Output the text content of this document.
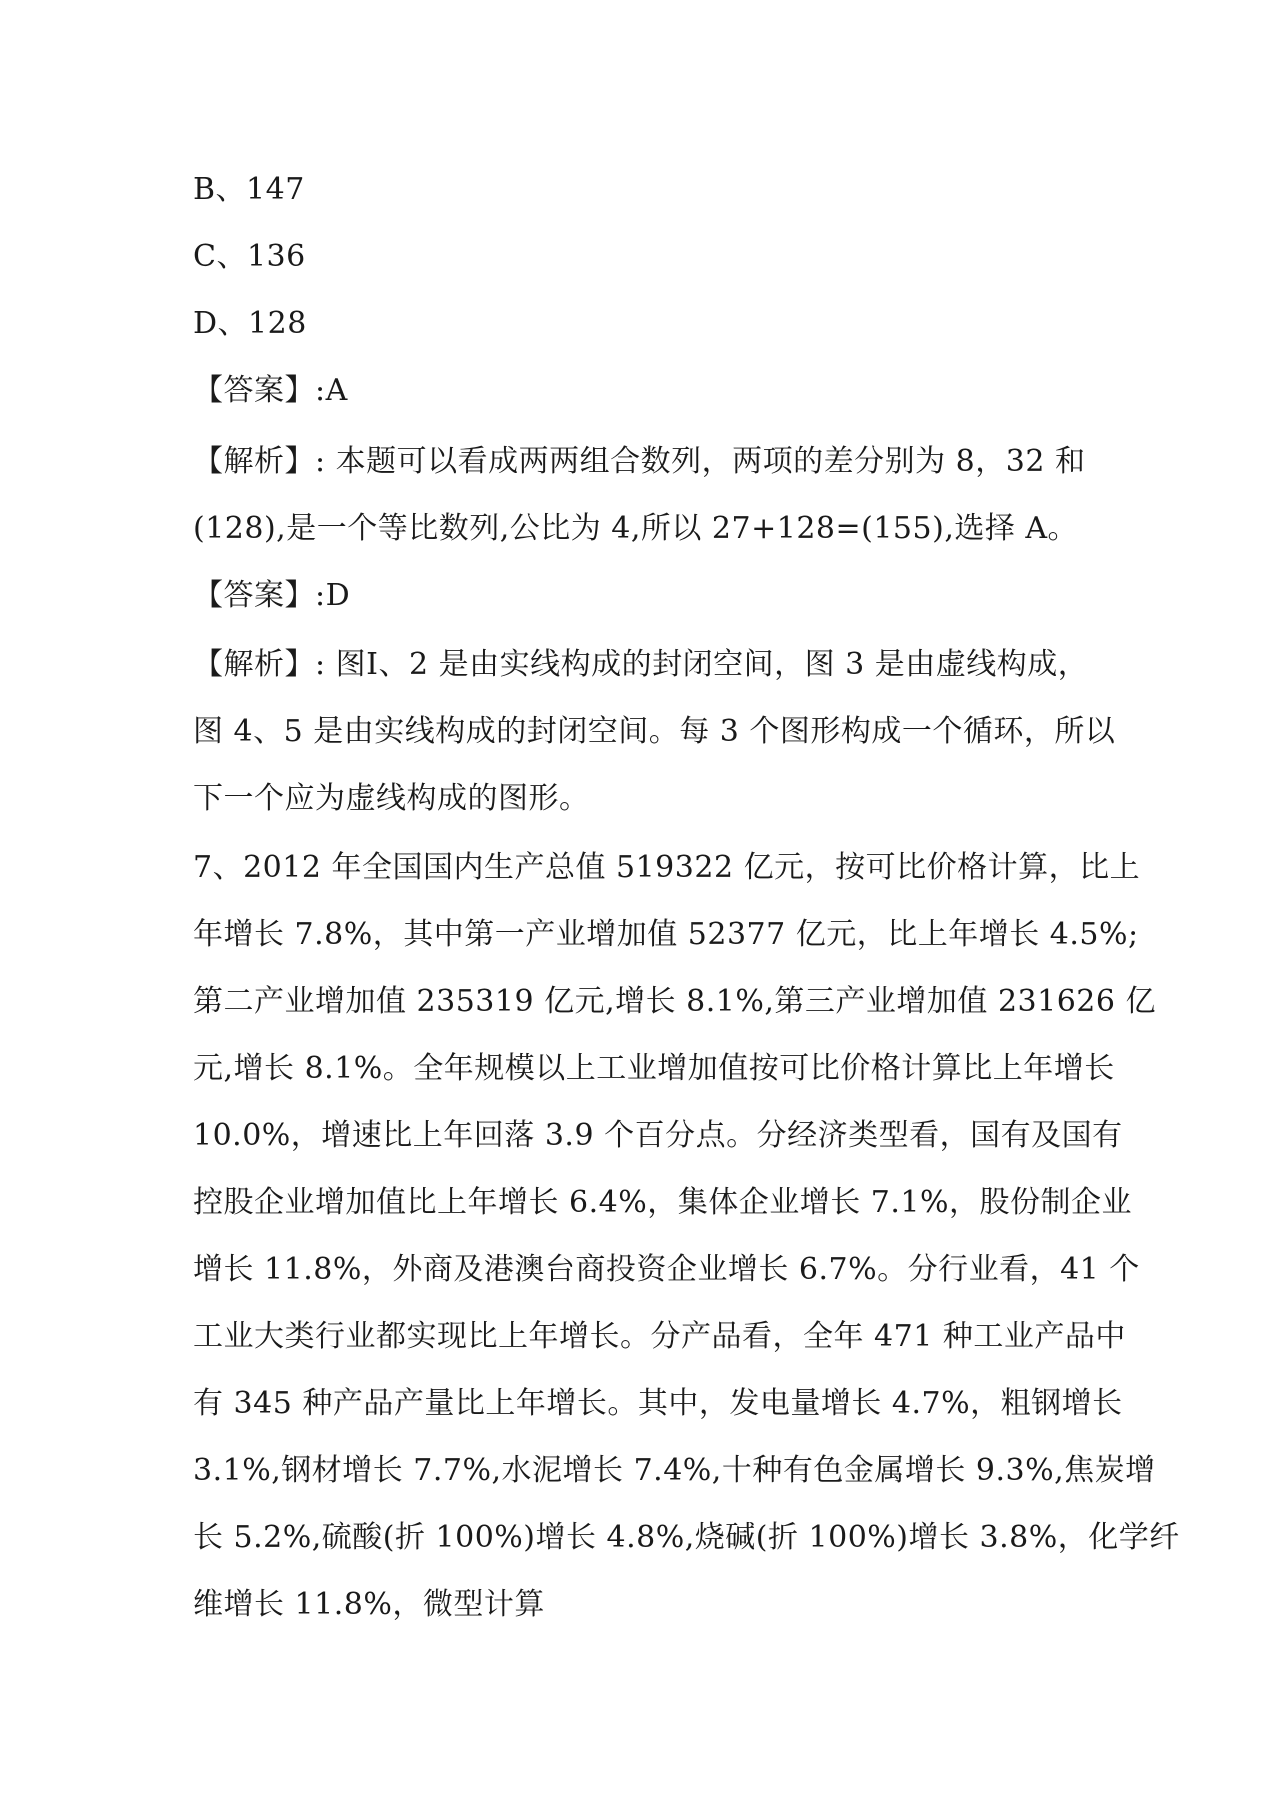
B、147
C、136
D、128
【答案】:A
【解析】: 本题可以看成两两组合数列，两项的差分别为 8，32 和
(128),是一个等比数列,公比为 4,所以 27+128=(155),选择 A。
【答案】:D
【解析】: 图Ⅰ、2 是由实线构成的封闭空间，图 3 是由虚线构成，
图 4、5 是由实线构成的封闭空间。每 3 个图形构成一个循环，所以
下一个应为虚线构成的图形。
7、2012 年全国国内生产总值 519322 亿元，按可比价格计算，比上
年增长 7.8%，其中第一产业增加值 52377 亿元，比上年增长 4.5%;
第二产业增加值 235319 亿元,增长 8.1%,第三产业增加值 231626 亿
元,增长 8.1%。全年规模以上工业增加值按可比价格计算比上年增长
10.0%，增速比上年回落 3.9 个百分点。分经济类型看，国有及国有
控股企业增加值比上年增长 6.4%，集体企业增长 7.1%，股份制企业
增长 11.8%，外商及港澳台商投资企业增长 6.7%。分行业看，41 个
工业大类行业都实现比上年增长。分产品看，全年 471 种工业产品中
有 345 种产品产量比上年增长。其中，发电量增长 4.7%，粗钢增长
3.1%,钢材增长 7.7%,水泥增长 7.4%,十种有色金属增长 9.3%,焦炭增
长 5.2%,硫酸(折 100%)增长 4.8%,烧碱(折 100%)增长 3.8%，化学纤
维增长 11.8%，微型计算
